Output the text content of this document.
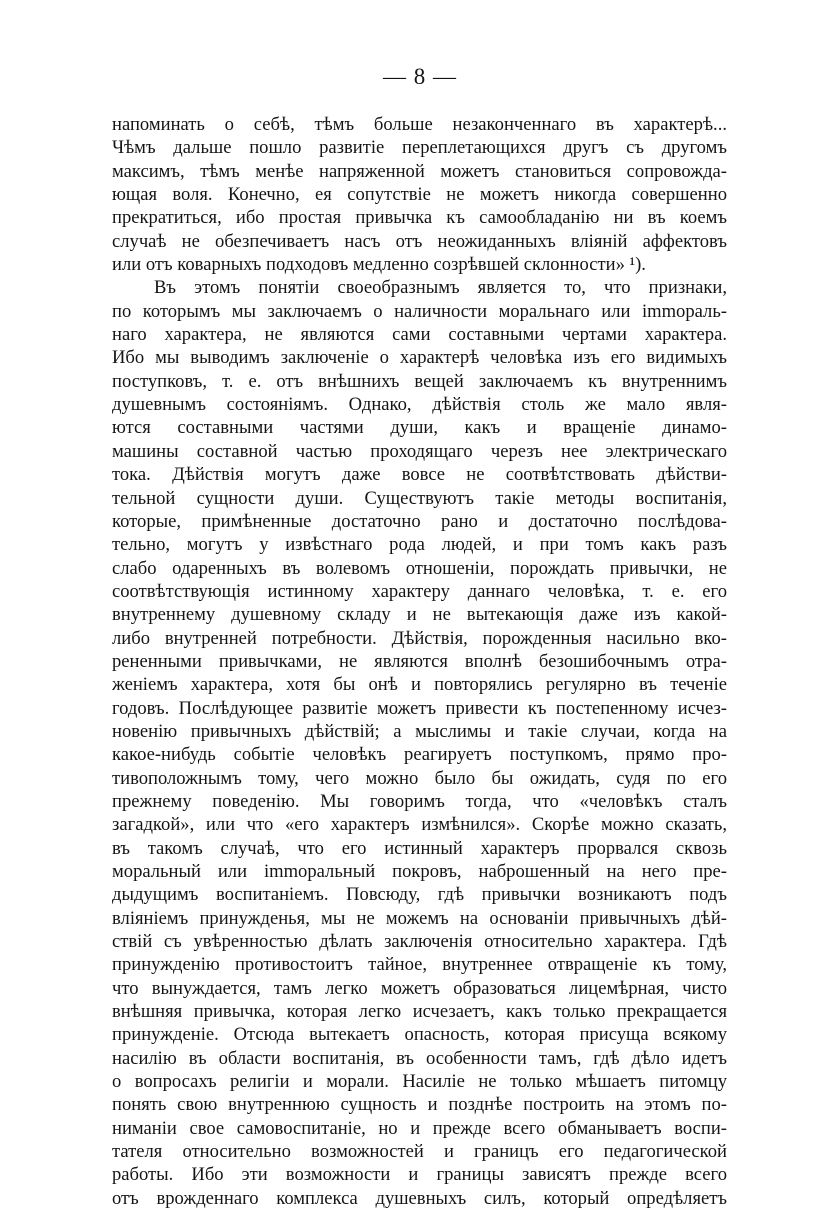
— 8 —
напоминать о себѣ, тѣмъ больше незаконченнаго въ характерѣ...
Чѣмъ дальше пошло развитіе переплетающихся другъ съ другомъ
максимъ, тѣмъ менѣе напряженной можетъ становиться сопровожда-
ющая воля. Конечно, ея сопутствіе не можетъ никогда совершенно
прекратиться, ибо простая привычка къ самообладанію ни въ коемъ
случаѣ не обезпечиваетъ насъ отъ неожиданныхъ вліяній аффектовъ
или отъ коварныхъ подходовъ медленно созрѣвшей склонности» ¹).
Въ этомъ понятіи своеобразнымъ является то, что признаки,
по которымъ мы заключаемъ о наличности моральнаго или immораль-
наго характера, не являются сами составными чертами характера.
Ибо мы выводимъ заключеніе о характерѣ человѣка изъ его видимыхъ
поступковъ, т. е. отъ внѣшнихъ вещей заключаемъ къ внутреннимъ
душевнымъ состояніямъ. Однако, дѣйствія столь же мало явля-
ются составными частями души, какъ и вращеніе динамо-
машины составной частью проходящаго черезъ нее электрическаго
тока. Дѣйствія могутъ даже вовсе не соотвѣтствовать дѣйстви-
тельной сущности души. Существуютъ такіе методы воспитанія,
которые, примѣненные достаточно рано и достаточно послѣдова-
тельно, могутъ у извѣстнаго рода людей, и при томъ какъ разъ
слабо одаренныхъ въ волевомъ отношеніи, порождать привычки, не
соотвѣтствующія истинному характеру даннаго человѣка, т. е. его
внутреннему душевному складу и не вытекающія даже изъ какой-
либо внутренней потребности. Дѣйствія, порожденныя насильно вко-
рененными привычками, не являются вполнѣ безошибочнымъ отра-
женіемъ характера, хотя бы онѣ и повторялись регулярно въ теченіе
годовъ. Послѣдующее развитіе можетъ привести къ постепенному исчез-
новенію привычныхъ дѣйствій; а мыслимы и такіе случаи, когда на
какое-нибудь событіе человѣкъ реагируетъ поступкомъ, прямо про-
тивоположнымъ тому, чего можно было бы ожидать, судя по его
прежнему поведенію. Мы говоримъ тогда, что «человѣкъ сталъ
загадкой», или что «его характеръ измѣнился». Скорѣе можно сказать,
въ такомъ случаѣ, что его истинный характеръ прорвался сквозь
моральный или immоральный покровъ, наброшенный на него пре-
дыдущимъ воспитаніемъ. Повсюду, гдѣ привычки возникаютъ подъ
вліяніемъ принужденья, мы не можемъ на основаніи привычныхъ дѣй-
ствій съ увѣренностью дѣлать заключенія относительно характера. Гдѣ
принужденію противостоитъ тайное, внутреннее отвращеніе къ тому,
что вынуждается, тамъ легко можетъ образоваться лицемѣрная, чисто
внѣшняя привычка, которая легко исчезаетъ, какъ только прекращается
принужденіе. Отсюда вытекаетъ опасность, которая присуща всякому
насилію въ области воспитанія, въ особенности тамъ, гдѣ дѣло идетъ
о вопросахъ религіи и морали. Насиліе не только мѣшаетъ питомцу
понять свою внутреннюю сущность и позднѣе построить на этомъ по-
ниманіи свое самовоспитаніе, но и прежде всего обманываетъ воспи-
тателя относительно возможностей и границъ его педагогической
работы. Ибо эти возможности и границы зависятъ прежде всего
отъ врожденнаго комплекса душевныхъ силъ, который опредѣляетъ
